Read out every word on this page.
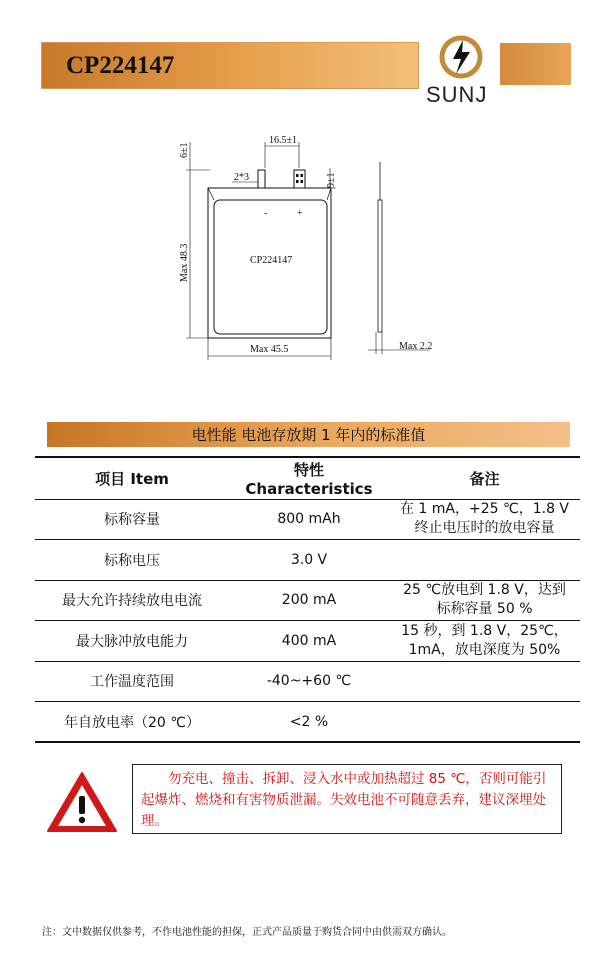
CP224147
SUNJ
16.5±1
6±1
2*3	9±1
-	+
CP224147
Max 48.3
Max 45.5	Max 2.2
电性能 电池存放期 1 年内的标准值
项目 Item	特性 Characteristics	备注
标称容量	800 mAh	在 1 mA，+25 ℃，1.8 V
终止电压时的放电容量

标称电压	3.0 V	

最大允许持续放电电流	200 mA	25 ℃放电到 1.8 V，达到
标称容量 50 %

最大脉冲放电能力	400 mA	15 秒，到 1.8 V，25℃，
1mA，放电深度为 50%

工作温度范围	-40~+60 ℃	

年自放电率（20 ℃）	<2 %	
勿充电、撞击、拆卸、浸入水中或加热超过 85 ℃，否则可能引起爆炸、燃烧和有害物质泄漏。失效电池不可随意丢弃，建议深埋处理。
注：文中数据仅供参考，不作电池性能的担保，正式产品质量于购货合同中由供需双方确认。
